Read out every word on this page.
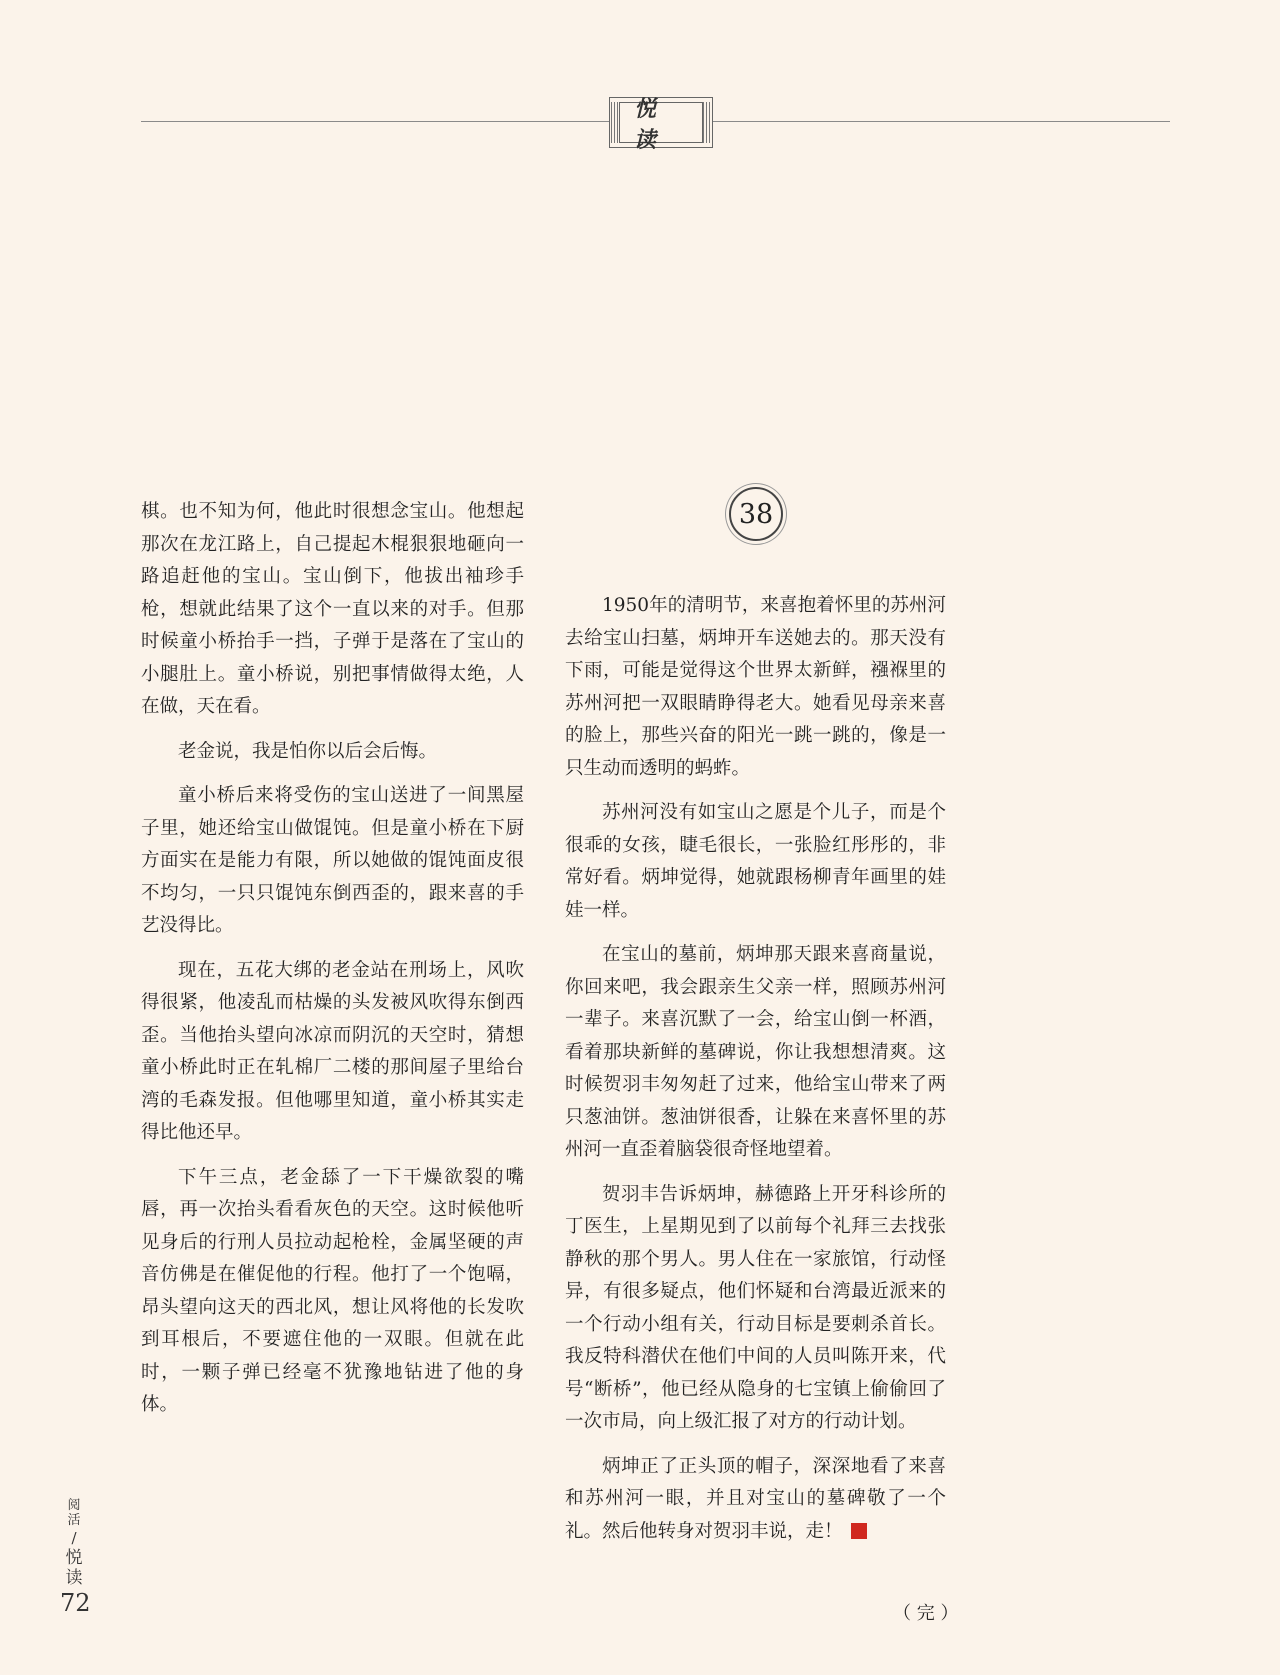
悦读

棋。也不知为何，他此时很想念宝山。他想起那次在龙江路上，自己提起木棍狠狠地砸向一路追赶他的宝山。宝山倒下，他拔出袖珍手枪，想就此结果了这个一直以来的对手。但那时候童小桥抬手一挡，子弹于是落在了宝山的小腿肚上。童小桥说，别把事情做得太绝，人在做，天在看。

老金说，我是怕你以后会后悔。

童小桥后来将受伤的宝山送进了一间黑屋子里，她还给宝山做馄饨。但是童小桥在下厨方面实在是能力有限，所以她做的馄饨面皮很不均匀，一只只馄饨东倒西歪的，跟来喜的手艺没得比。

现在，五花大绑的老金站在刑场上，风吹得很紧，他凌乱而枯燥的头发被风吹得东倒西歪。当他抬头望向冰凉而阴沉的天空时，猜想童小桥此时正在轧棉厂二楼的那间屋子里给台湾的毛森发报。但他哪里知道，童小桥其实走得比他还早。

下午三点，老金舔了一下干燥欲裂的嘴唇，再一次抬头看看灰色的天空。这时候他听见身后的行刑人员拉动起枪栓，金属坚硬的声音仿佛是在催促他的行程。他打了一个饱嗝，昂头望向这天的西北风，想让风将他的长发吹到耳根后，不要遮住他的一双眼。但就在此时，一颗子弹已经毫不犹豫地钻进了他的身体。

38

1950年的清明节，来喜抱着怀里的苏州河去给宝山扫墓，炳坤开车送她去的。那天没有下雨，可能是觉得这个世界太新鲜，襁褓里的苏州河把一双眼睛睁得老大。她看见母亲来喜的脸上，那些兴奋的阳光一跳一跳的，像是一只生动而透明的蚂蚱。

苏州河没有如宝山之愿是个儿子，而是个很乖的女孩，睫毛很长，一张脸红彤彤的，非常好看。炳坤觉得，她就跟杨柳青年画里的娃娃一样。

在宝山的墓前，炳坤那天跟来喜商量说，你回来吧，我会跟亲生父亲一样，照顾苏州河一辈子。来喜沉默了一会，给宝山倒一杯酒，看着那块新鲜的墓碑说，你让我想想清爽。这时候贺羽丰匆匆赶了过来，他给宝山带来了两只葱油饼。葱油饼很香，让躲在来喜怀里的苏州河一直歪着脑袋很奇怪地望着。

贺羽丰告诉炳坤，赫德路上开牙科诊所的丁医生，上星期见到了以前每个礼拜三去找张静秋的那个男人。男人住在一家旅馆，行动怪异，有很多疑点，他们怀疑和台湾最近派来的一个行动小组有关，行动目标是要刺杀首长。我反特科潜伏在他们中间的人员叫陈开来，代号“断桥”，他已经从隐身的七宝镇上偷偷回了一次市局，向上级汇报了对方的行动计划。

炳坤正了正头顶的帽子，深深地看了来喜和苏州河一眼，并且对宝山的墓碑敬了一个礼。然后他转身对贺羽丰说，走！

（ 完 ）
阅
活
/
悦
读
72
